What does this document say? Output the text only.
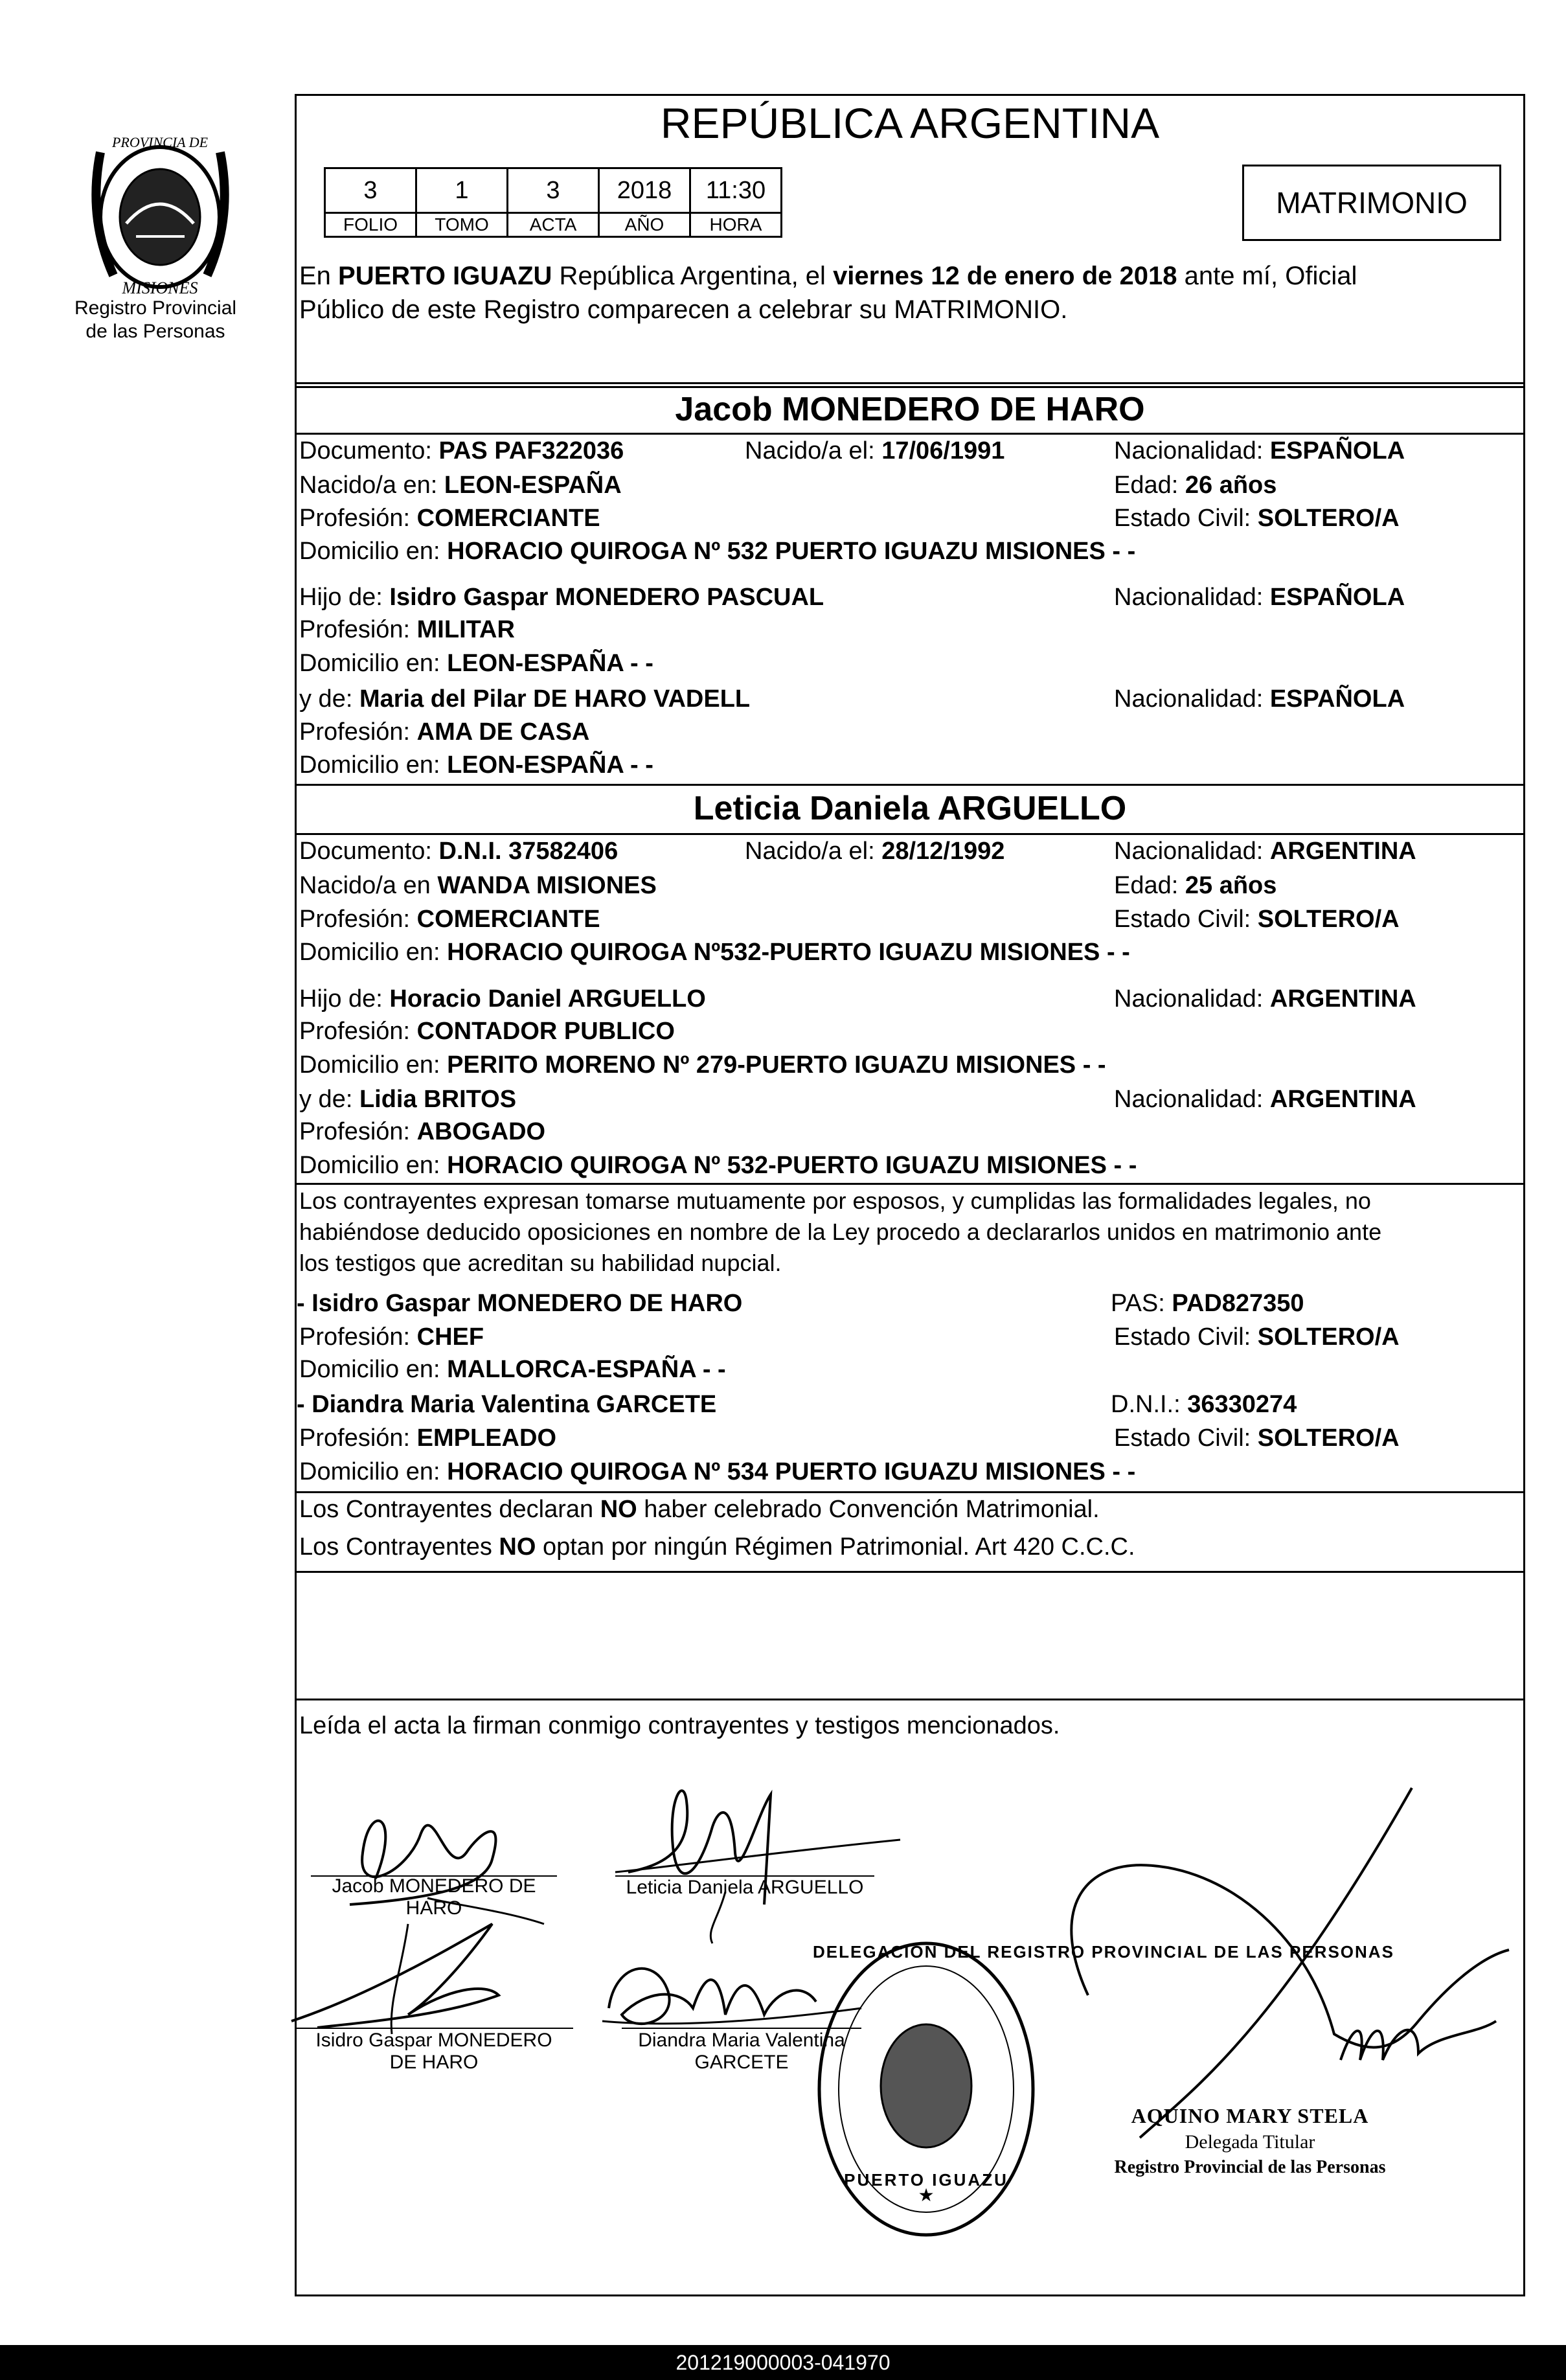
PROVINCIA DE
MISIONES
Registro Provincial
de las Personas
REPÚBLICA ARGENTINA
3	1	3	2018	11:30
FOLIO	TOMO	ACTA	AÑO	HORA
MATRIMONIO
En PUERTO IGUAZU República Argentina, el viernes 12 de enero de 2018 ante mí, Oficial
Público de este Registro comparecen a celebrar su MATRIMONIO.
Jacob MONEDERO DE HARO
Documento: PAS PAF322036	Nacido/a el: 17/06/1991	Nacionalidad: ESPAÑOLA
Nacido/a en: LEON-ESPAÑA	Edad: 26 años
Profesión: COMERCIANTE	Estado Civil: SOLTERO/A
Domicilio en: HORACIO QUIROGA Nº 532 PUERTO IGUAZU MISIONES - -
Hijo de: Isidro Gaspar MONEDERO PASCUAL	Nacionalidad: ESPAÑOLA
Profesión: MILITAR
Domicilio en: LEON-ESPAÑA - -
y de: Maria del Pilar DE HARO VADELL	Nacionalidad: ESPAÑOLA
Profesión: AMA DE CASA
Domicilio en: LEON-ESPAÑA - -
Leticia Daniela ARGUELLO
Documento: D.N.I. 37582406	Nacido/a el: 28/12/1992	Nacionalidad: ARGENTINA
Nacido/a en WANDA MISIONES	Edad: 25 años
Profesión: COMERCIANTE	Estado Civil: SOLTERO/A
Domicilio en: HORACIO QUIROGA Nº532-PUERTO IGUAZU MISIONES - -
Hijo de: Horacio Daniel ARGUELLO	Nacionalidad: ARGENTINA
Profesión: CONTADOR PUBLICO
Domicilio en: PERITO MORENO Nº 279-PUERTO IGUAZU MISIONES - -
y de: Lidia BRITOS	Nacionalidad: ARGENTINA
Profesión: ABOGADO
Domicilio en: HORACIO QUIROGA Nº 532-PUERTO IGUAZU MISIONES - -
Los contrayentes expresan tomarse mutuamente por esposos, y cumplidas las formalidades legales, no
habiéndose deducido oposiciones en nombre de la Ley procedo a declararlos unidos en matrimonio ante
los testigos que acreditan su habilidad nupcial.
- Isidro Gaspar MONEDERO DE HARO	PAS: PAD827350
Profesión: CHEF	Estado Civil: SOLTERO/A
Domicilio en: MALLORCA-ESPAÑA - -
- Diandra Maria Valentina GARCETE	D.N.I.: 36330274
Profesión: EMPLEADO	Estado Civil: SOLTERO/A
Domicilio en: HORACIO QUIROGA Nº 534 PUERTO IGUAZU MISIONES - -
Los Contrayentes declaran NO haber celebrado Convención Matrimonial.
Los Contrayentes NO optan por ningún Régimen Patrimonial. Art 420 C.C.C.
Leída el acta la firman conmigo contrayentes y testigos mencionados.
Jacob MONEDERO DE
HARO
Leticia Daniela ARGUELLO
Isidro Gaspar MONEDERO
DE HARO
Diandra Maria Valentina
GARCETE
★
DELEGACION DEL REGISTRO PROVINCIAL DE LAS PERSONAS
PUERTO IGUAZU
AQUINO MARY STELA
Delegada Titular
Registro Provincial de las Personas
201219000003-041970
